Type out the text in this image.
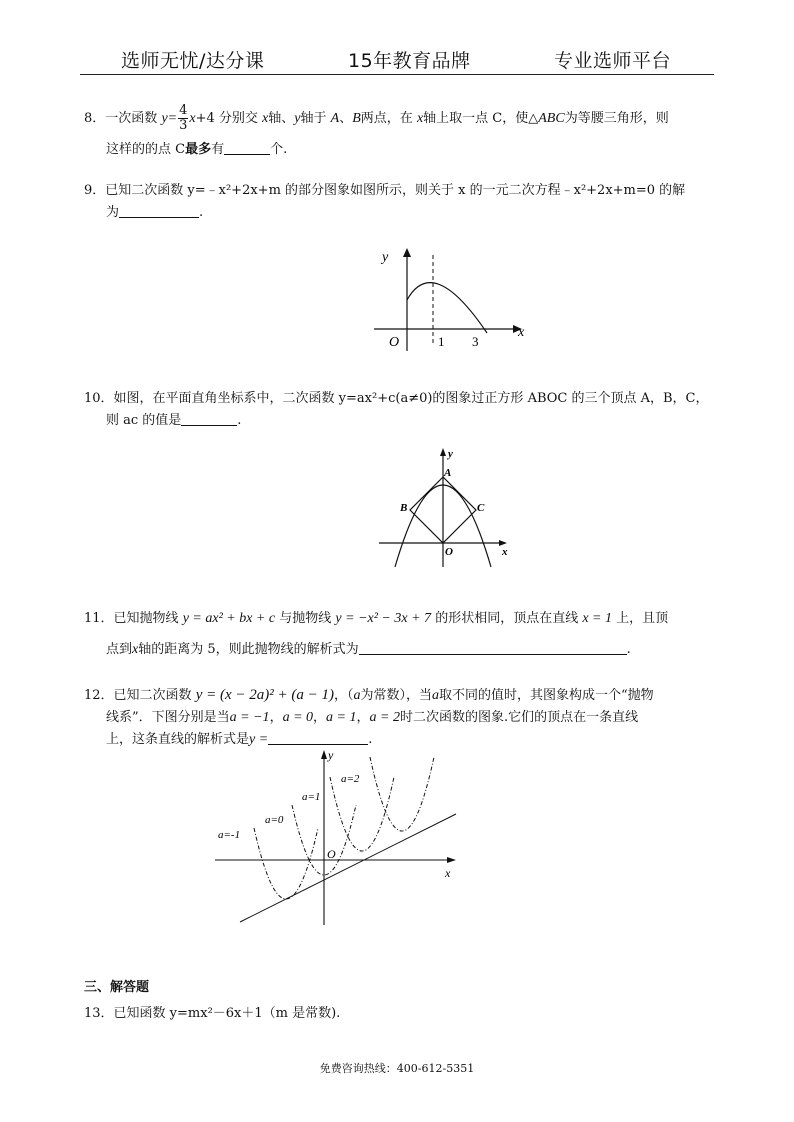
选师无忧/达分课	15年教育品牌	专业选师平台
8．一次函数 $y= \frac{4}{3} x+4$ 分别交 x轴、y轴于 A、B两点，在 x轴上取一点 C，使△ABC为等腰三角形，则
这样的的点 C最多有	个.
9．已知二次函数 y=﹣x²+2x+m 的部分图象如图所示，则关于 x 的一元二次方程﹣x²+2x+m=0 的解
为	.
y
x
O	1 3
10．如图，在平面直角坐标系中，二次函数 y=ax²+c(a≠0)的图象过正方形 ABOC 的三个顶点 A，B，C，
则 ac 的值是	.
y
x
A
B	C
O
11．已知抛物线 y = ax² + bx + c 与抛物线 y = −x² − 3x + 7 的形状相同，顶点在直线 x = 1 上，且顶
点到x轴的距离为 5，则此抛物线的解析式为	.
12．已知二次函数 y = (x − 2a)² + (a − 1)，（a为常数），当a取不同的值时，其图象构成一个“抛物
线系”．下图分别是当a = −1，a = 0，a = 1，a = 2时二次函数的图象.它们的顶点在一条直线
上，这条直线的解析式是y =	.
y
x
O
a=-1
a=0
a=1
a=2
三、解答题
13．已知函数 y=mx²－6x＋1（m 是常数).
免费咨询热线：400-612-5351
